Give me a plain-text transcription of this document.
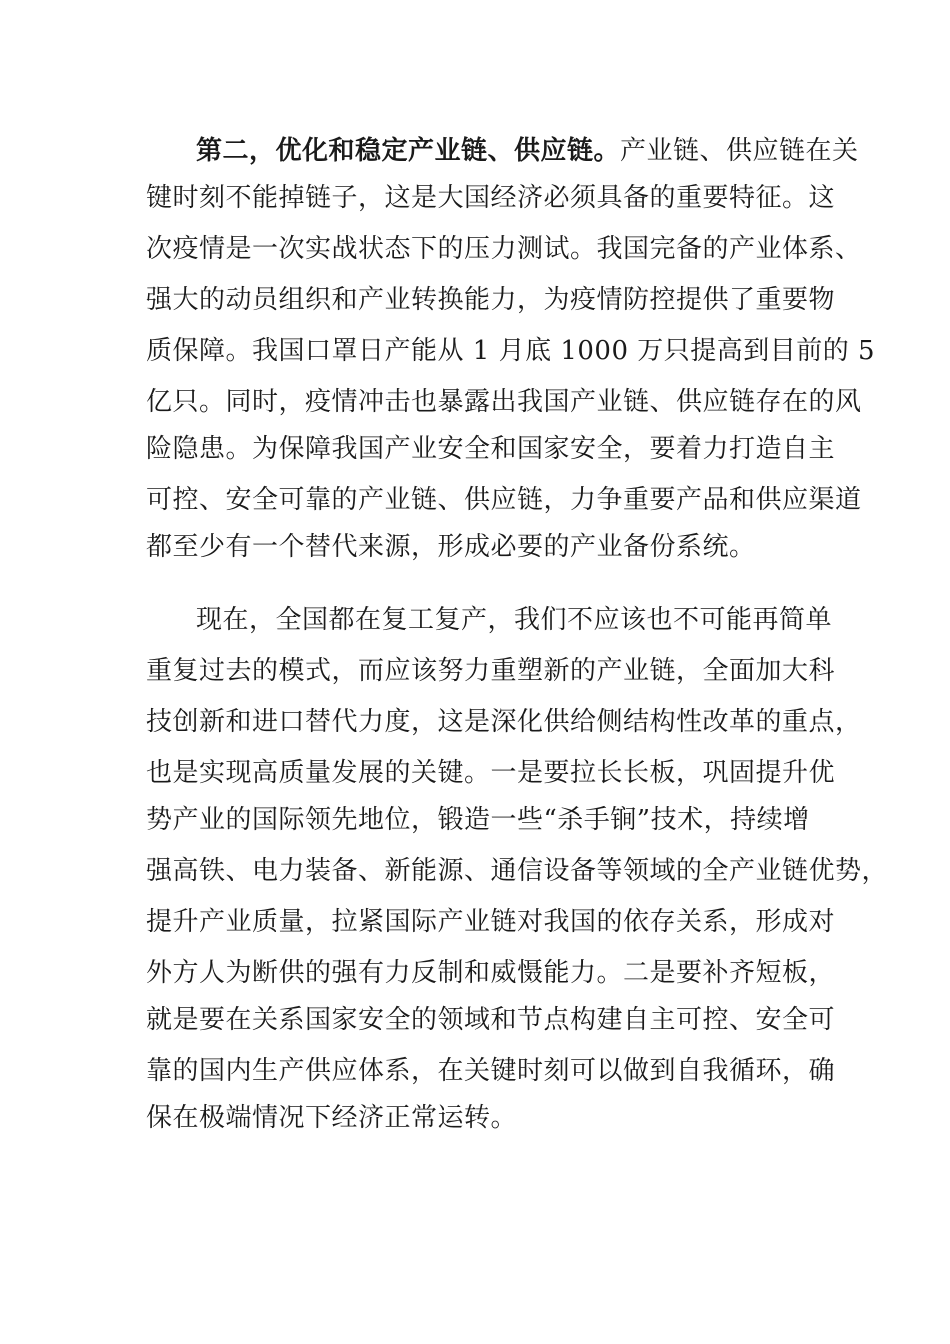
第二，优化和稳定产业链、供应链。产业链、供应链在关
键时刻不能掉链子，这是大国经济必须具备的重要特征。这
次疫情是一次实战状态下的压力测试。我国完备的产业体系、
强大的动员组织和产业转换能力，为疫情防控提供了重要物
质保障。我国口罩日产能从 1 月底 1000 万只提高到目前的 5
亿只。同时，疫情冲击也暴露出我国产业链、供应链存在的风
险隐患。为保障我国产业安全和国家安全，要着力打造自主
可控、安全可靠的产业链、供应链，力争重要产品和供应渠道
都至少有一个替代来源，形成必要的产业备份系统。
现在，全国都在复工复产，我们不应该也不可能再简单
重复过去的模式，而应该努力重塑新的产业链，全面加大科
技创新和进口替代力度，这是深化供给侧结构性改革的重点，
也是实现高质量发展的关键。一是要拉长长板，巩固提升优
势产业的国际领先地位，锻造一些“杀手锏”技术，持续增
强高铁、电力装备、新能源、通信设备等领域的全产业链优势，
提升产业质量，拉紧国际产业链对我国的依存关系，形成对
外方人为断供的强有力反制和威慑能力。二是要补齐短板，
就是要在关系国家安全的领域和节点构建自主可控、安全可
靠的国内生产供应体系，在关键时刻可以做到自我循环，确
保在极端情况下经济正常运转。
